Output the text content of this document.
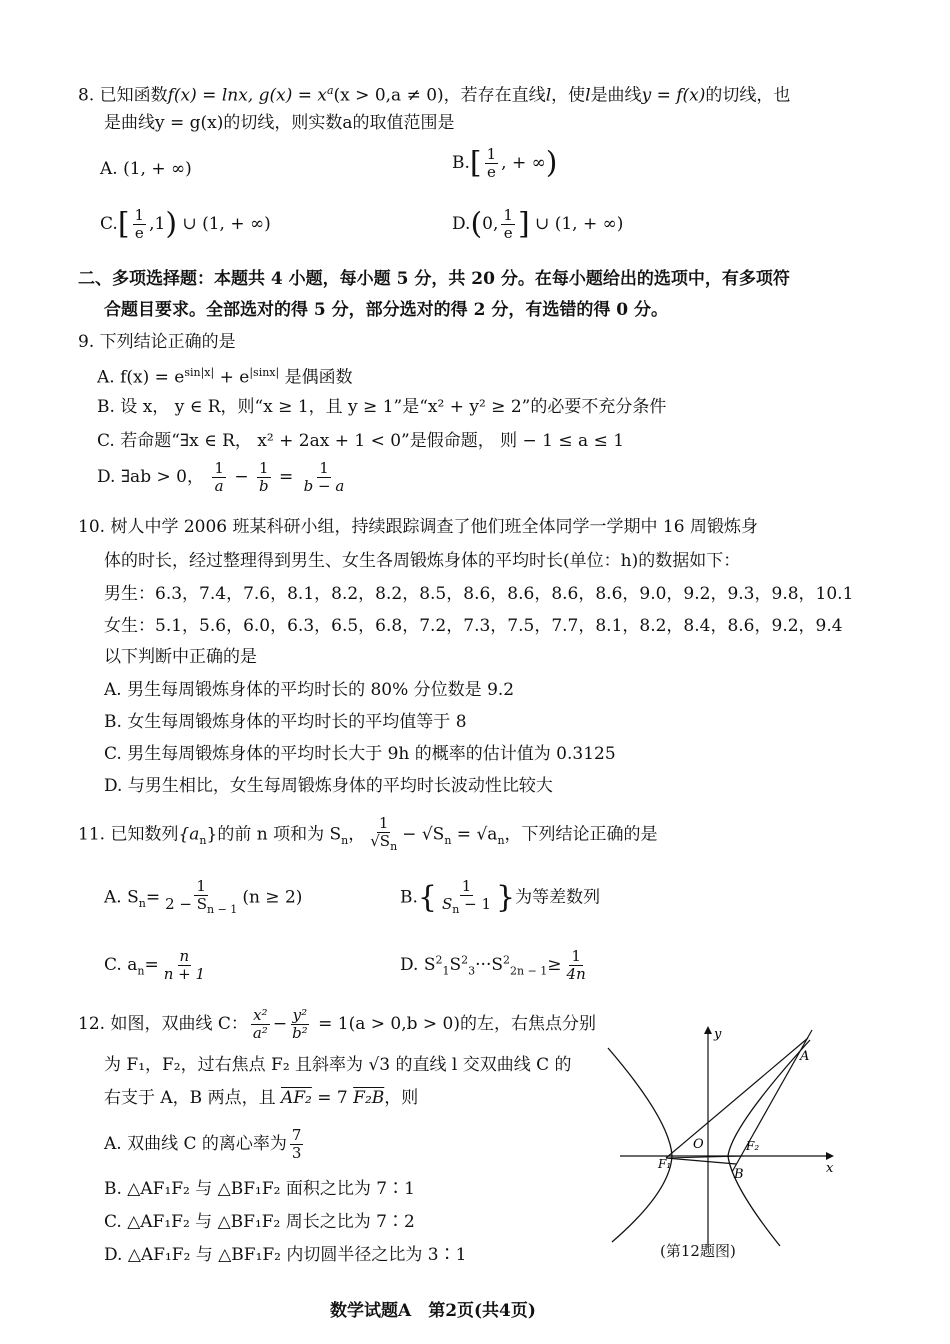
8. 已知函数f(x) = lnx, $g(x) = x^a(x > 0,a \ne 0)$，若存在直线l，使l是曲线y = f(x)的切线，也
是曲线y = g(x)的切线，则实数a的取值范围是
A. (1, + ∞)	$B.[ \frac{1}{e}$ , + ∞)
$C.[ \frac{1}{e} ,1)$ ∪ (1, + ∞)	D.(0, $\frac{1}{e}$ ] ∪ (1, + ∞)
二、多项选择题：本题共 4 小题，每小题 5 分，共 20 分。在每小题给出的选项中，有多项符
合题目要求。全部选对的得 5 分，部分选对的得 2 分，有选错的得 0 分。
9. 下列结论正确的是
A. $f(x) = e^{sin|x|} + e^{|sinx|}$ 是偶函数
B. 设 x， y ∈ R，则“x ≥ 1，且 y ≥ 1”是“x² + y² ≥ 2”的必要不充分条件
C. 若命题“∃x ∈ R， x² + 2ax + 1 < 0”是假命题， 则 − 1 ≤ a ≤ 1
D. ∃ab > 0， $\frac{1}{a} - \frac{1}{b} = \frac{1}{b - a}$
10. 树人中学 2006 班某科研小组，持续跟踪调查了他们班全体同学一学期中 16 周锻炼身
体的时长，经过整理得到男生、女生各周锻炼身体的平均时长(单位：h)的数据如下：
男生：6.3，7.4，7.6，8.1，8.2，8.2，8.5，8.6，8.6，8.6，8.6，9.0，9.2，9.3，9.8，10.1
女生：5.1，5.6，6.0，6.3，6.5，6.8，7.2，7.3，7.5，7.7，8.1，8.2，8.4，8.6，9.2，9.4
以下判断中正确的是
A. 男生每周锻炼身体的平均时长的 80% 分位数是 9.2
B. 女生每周锻炼身体的平均时长的平均值等于 8
C. 男生每周锻炼身体的平均时长大于 9h 的概率的估计值为 0.3125
D. 与男生相比，女生每周锻炼身体的平均时长波动性比较大
11. 已知数列$\{a_n\}$的前 n 项和为 $S_n$， $\frac{1}{√S_n} - √S_n = √a_n$，下列结论正确的是
A. $S_n= \frac{1}{2 - S_{n - 1}} (n \ge 2)$	$B.\{ \frac{1}{S_n - 1}$ }为等差数列
C. $a_n= \frac{n}{n + 1}$	D. $S^2_1S^2_3\cdot\cdot\cdot S^2_{2n - 1}\ge \frac{1}{4n}$
12. 如图，双曲线 C： $\frac{\text{x²}}{\text{a²}} - \frac{\text{y²}}{\text{b²}} = 1(a > 0,b > 0)$的左，右焦点分别
为 F₁，F₂，过右焦点 F₂ 且斜率为 √3 的直线 l 交双曲线 C 的
右支于 A，B 两点，且 AF₂ = 7 F₂B，则
A. 双曲线 C 的离心率为 $\frac{7}{3}$
B. △AF₁F₂ 与 △BF₁F₂ 面积之比为 7∶1
C. △AF₁F₂ 与 △BF₁F₂ 周长之比为 7∶2
D. △AF₁F₂ 与 △BF₁F₂ 内切圆半径之比为 3∶1
y
x
O
A
B
F₁
F₂
(第12题图)
数学试题A　第2页(共4页)
